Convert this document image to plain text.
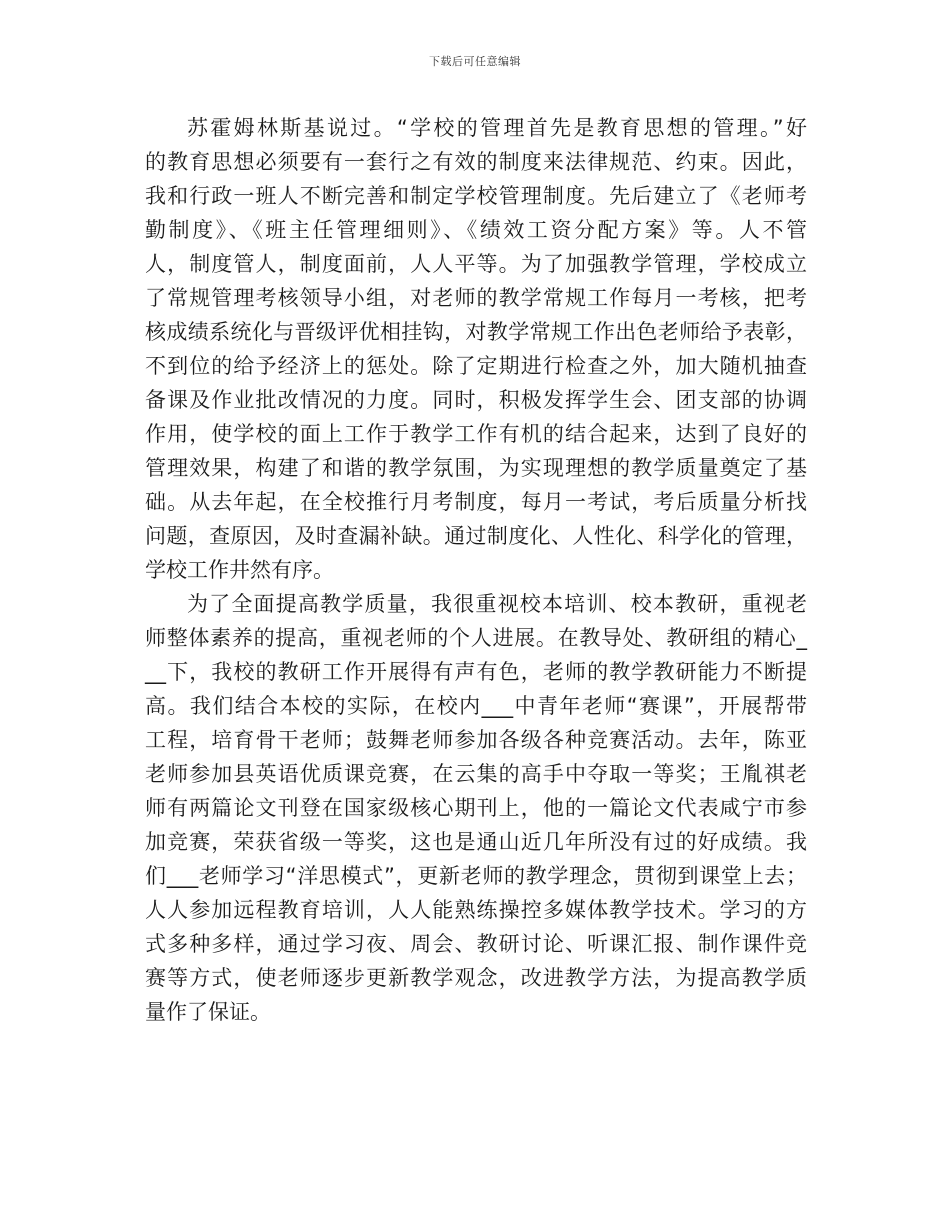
下载后可任意编辑
苏霍姆林斯基说过。“学校的管理首先是教育思想的管理。”好
的教育思想必须要有一套行之有效的制度来法律规范、约束。因此，
我和行政一班人不断完善和制定学校管理制度。先后建立了《老师考
勤制度》、《班主任管理细则》、《绩效工资分配方案》等。人不管
人，制度管人，制度面前，人人平等。为了加强教学管理，学校成立
了常规管理考核领导小组，对老师的教学常规工作每月一考核，把考
核成绩系统化与晋级评优相挂钩，对教学常规工作出色老师给予表彰，
不到位的给予经济上的惩处。除了定期进行检查之外，加大随机抽查
备课及作业批改情况的力度。同时，积极发挥学生会、团支部的协调
作用，使学校的面上工作于教学工作有机的结合起来，达到了良好的
管理效果，构建了和谐的教学氛围，为实现理想的教学质量奠定了基
础。从去年起，在全校推行月考制度，每月一考试，考后质量分析找
问题，查原因，及时查漏补缺。通过制度化、人性化、科学化的管理，
学校工作井然有序。
为了全面提高教学质量，我很重视校本培训、校本教研，重视老
师整体素养的提高，重视老师的个人进展。在教导处、教研组的精心_
__下，我校的教研工作开展得有声有色，老师的教学教研能力不断提
高。我们结合本校的实际，在校内___中青年老师“赛课”，开展帮带
工程，培育骨干老师；鼓舞老师参加各级各种竞赛活动。去年，陈亚
老师参加县英语优质课竞赛，在云集的高手中夺取一等奖；王胤祺老
师有两篇论文刊登在国家级核心期刊上，他的一篇论文代表咸宁市参
加竞赛，荣获省级一等奖，这也是通山近几年所没有过的好成绩。我
们___老师学习“洋思模式”，更新老师的教学理念，贯彻到课堂上去；
人人参加远程教育培训，人人能熟练操控多媒体教学技术。学习的方
式多种多样，通过学习夜、周会、教研讨论、听课汇报、制作课件竞
赛等方式，使老师逐步更新教学观念，改进教学方法，为提高教学质
量作了保证。
